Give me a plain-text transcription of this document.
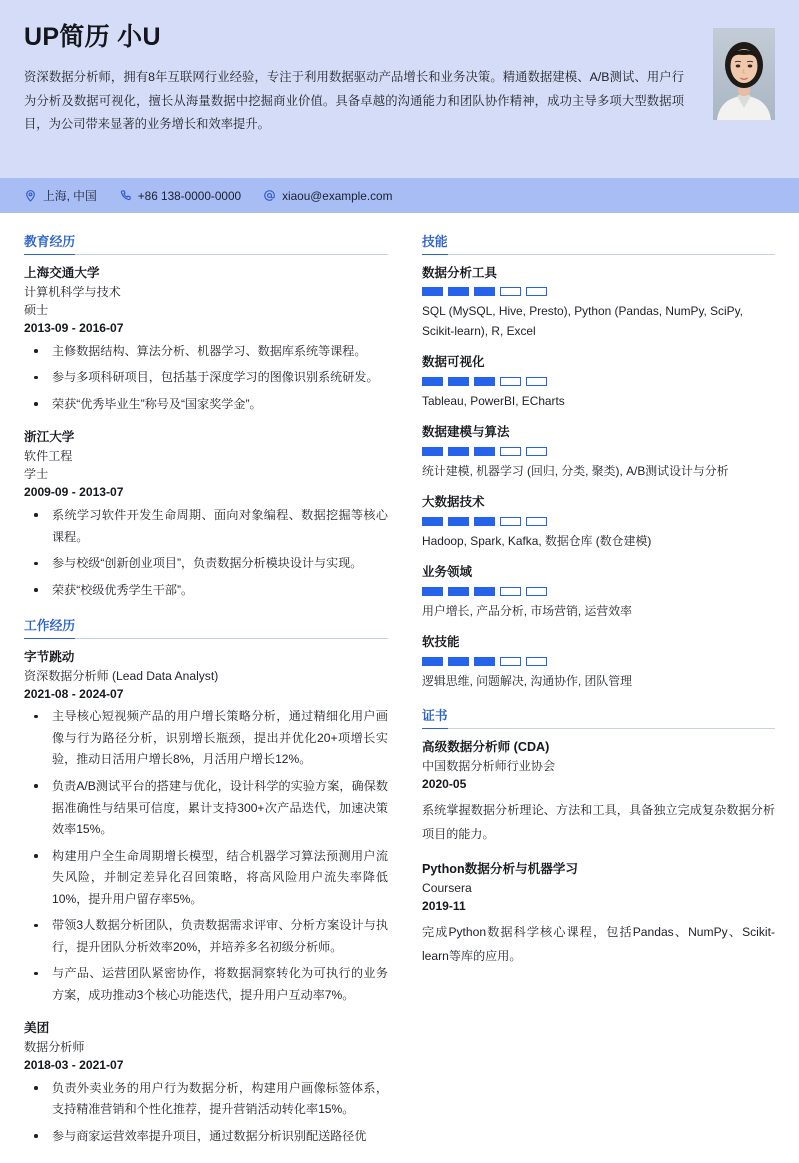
UP简历 小U
资深数据分析师，拥有8年互联网行业经验，专注于利用数据驱动产品增长和业务决策。精通数据建模、A/B测试、用户行为分析及数据可视化，擅长从海量数据中挖掘商业价值。具备卓越的沟通能力和团队协作精神，成功主导多项大型数据项目，为公司带来显著的业务增长和效率提升。
上海, 中国	+86 138-0000-0000	xiaou@example.com
教育经历
上海交通大学
计算机科学与技术
硕士
2013-09 - 2016-07
主修数据结构、算法分析、机器学习、数据库系统等课程。
参与多项科研项目，包括基于深度学习的图像识别系统研发。
荣获“优秀毕业生”称号及“国家奖学金”。
浙江大学
软件工程
学士
2009-09 - 2013-07
系统学习软件开发生命周期、面向对象编程、数据挖掘等核心课程。
参与校级“创新创业项目”，负责数据分析模块设计与实现。
荣获“校级优秀学生干部”。
工作经历
字节跳动
资深数据分析师 (Lead Data Analyst)
2021-08 - 2024-07
主导核心短视频产品的用户增长策略分析，通过精细化用户画像与行为路径分析，识别增长瓶颈，提出并优化20+项增长实验，推动日活用户增长8%，月活用户增长12%。
负责A/B测试平台的搭建与优化，设计科学的实验方案，确保数据准确性与结果可信度，累计支持300+次产品迭代，加速决策效率15%。
构建用户全生命周期增长模型，结合机器学习算法预测用户流失风险，并制定差异化召回策略，将高风险用户流失率降低10%，提升用户留存率5%。
带领3人数据分析团队，负责数据需求评审、分析方案设计与执行，提升团队分析效率20%，并培养多名初级分析师。
与产品、运营团队紧密协作，将数据洞察转化为可执行的业务方案，成功推动3个核心功能迭代，提升用户互动率7%。
美团
数据分析师
2018-03 - 2021-07
负责外卖业务的用户行为数据分析，构建用户画像标签体系，支持精准营销和个性化推荐，提升营销活动转化率15%。
参与商家运营效率提升项目，通过数据分析识别配送路径优
技能
数据分析工具
SQL (MySQL, Hive, Presto), Python (Pandas, NumPy, SciPy, Scikit-learn), R, Excel
数据可视化
Tableau, PowerBI, ECharts
数据建模与算法
统计建模, 机器学习 (回归, 分类, 聚类), A/B测试设计与分析
大数据技术
Hadoop, Spark, Kafka, 数据仓库 (数仓建模)
业务领域
用户增长, 产品分析, 市场营销, 运营效率
软技能
逻辑思维, 问题解决, 沟通协作, 团队管理
证书
高级数据分析师 (CDA)
中国数据分析师行业协会
2020-05
系统掌握数据分析理论、方法和工具，具备独立完成复杂数据分析项目的能力。
Python数据分析与机器学习
Coursera
2019-11
完成Python数据科学核心课程，包括Pandas、NumPy、Scikit-learn等库的应用。
